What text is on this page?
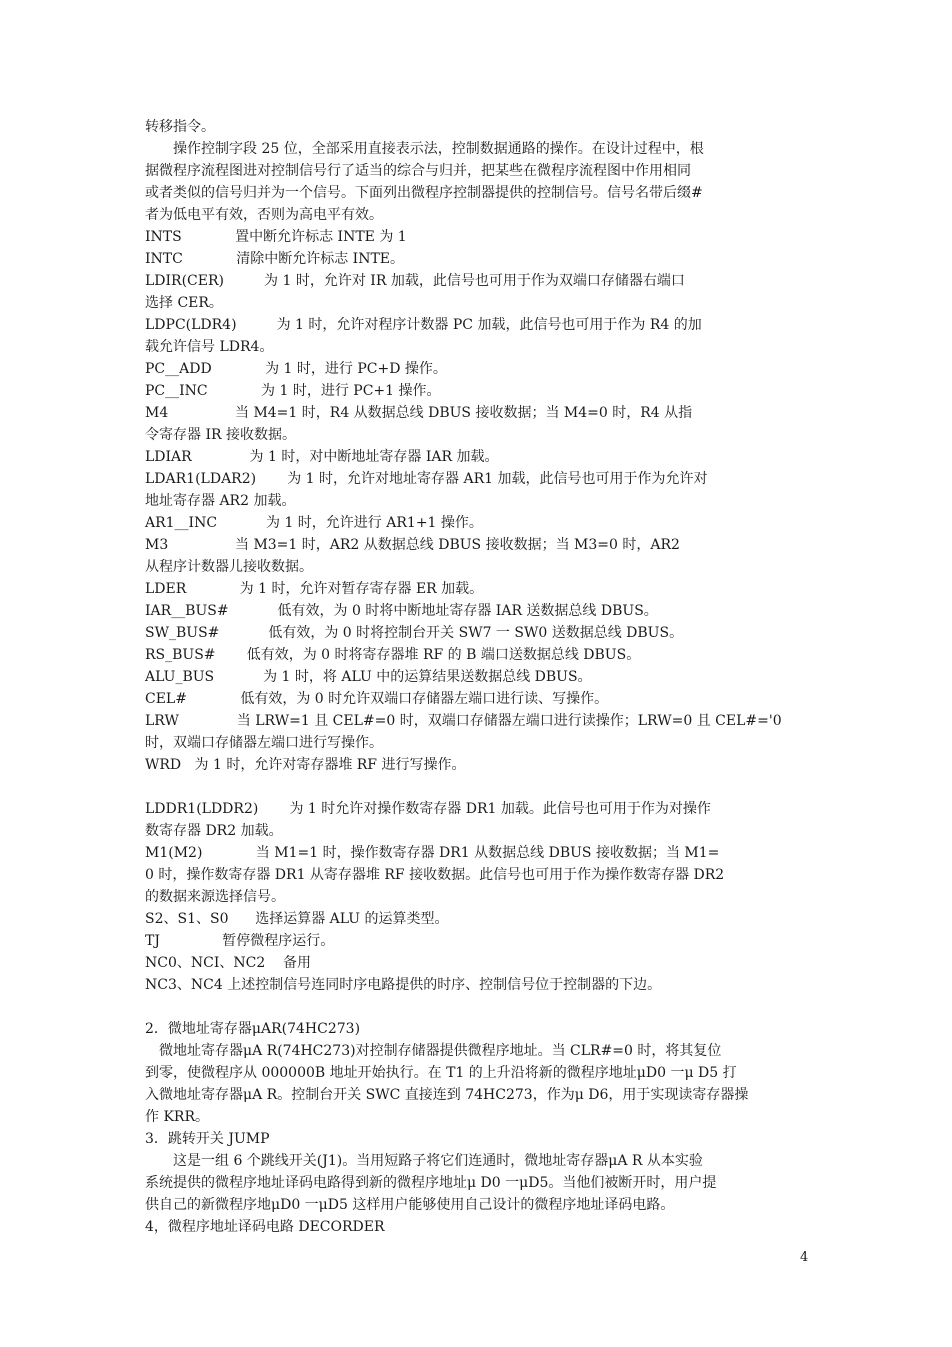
转移指令。
　　操作控制字段 25 位，全部采用直接表示法，控制数据通路的操作。在设计过程中，根
据微程序流程图进对控制信号行了适当的综合与归并，把某些在微程序流程图中作用相同
或者类似的信号归并为一个信号。下面列出微程序控制器提供的控制信号。信号名带后缀#
者为低电平有效，否则为高电平有效。
INTS            置中断允许标志 INTE 为 1
INTC            清除中断允许标志 INTE。
LDIR(CER)         为 1 时，允许对 IR 加载，此信号也可用于作为双端口存储器右端口
选择 CER。
LDPC(LDR4)         为 1 时，允许对程序计数器 PC 加载，此信号也可用于作为 R4 的加
载允许信号 LDR4。
PC__ADD            为 1 时，进行 PC+D 操作。
PC__INC            为 1 时，进行 PC+1 操作。
M4               当 M4=1 时，R4 从数据总线 DBUS 接收数据；当 M4=0 时，R4 从指
令寄存器 IR 接收数据。
LDIAR             为 1 时，对中断地址寄存器 IAR 加载。
LDAR1(LDAR2)       为 1 时，允许对地址寄存器 AR1 加载，此信号也可用于作为允许对
地址寄存器 AR2 加载。
AR1__INC           为 1 时，允许进行 AR1+1 操作。
M3               当 M3=1 时，AR2 从数据总线 DBUS 接收数据；当 M3=0 时，AR2
从程序计数器儿接收数据。
LDER            为 1 时，允许对暂存寄存器 ER 加载。
IAR__BUS#           低有效，为 0 时将中断地址寄存器 IAR 送数据总线 DBUS。
SW_BUS#           低有效，为 0 时将控制台开关 SW7 一 SW0 送数据总线 DBUS。
RS_BUS#       低有效，为 0 时将寄存器堆 RF 的 B 端口送数据总线 DBUS。
ALU_BUS           为 1 时，将 ALU 中的运算结果送数据总线 DBUS。
CEL#            低有效，为 0 时允许双端口存储器左端口进行读、写操作。
LRW             当 LRW=1 且 CEL#=0 时，双端口存储器左端口进行读操作；LRW=0 且 CEL#='0
时，双端口存储器左端口进行写操作。
WRD   为 1 时，允许对寄存器堆 RF 进行写操作。
LDDR1(LDDR2)       为 1 时允许对操作数寄存器 DR1 加载。此信号也可用于作为对操作
数寄存器 DR2 加载。
M1(M2)            当 M1=1 时，操作数寄存器 DR1 从数据总线 DBUS 接收数据；当 M1=
0 时，操作数寄存器 DR1 从寄存器堆 RF 接收数据。此信号也可用于作为操作数寄存器 DR2
的数据来源选择信号。
S2、S1、S0      选择运算器 ALU 的运算类型。
TJ              暂停微程序运行。
NC0、NCI、NC2    备用
NC3、NC4 上述控制信号连同时序电路提供的时序、控制信号位于控制器的下边。
2．微地址寄存器μAR(74HC273)
　微地址寄存器μA R(74HC273)对控制存储器提供微程序地址。当 CLR#=0 时，将其复位
到零，使微程序从 000000B 地址开始执行。在 T1 的上升沿将新的微程序地址μD0 一μ D5 打
入微地址寄存器μA R。控制台开关 SWC 直接连到 74HC273，作为μ D6，用于实现读寄存器操
作 KRR。
3．跳转开关 JUMP
　　这是一组 6 个跳线开关(J1)。当用短路子将它们连通时，微地址寄存器μA R 从本实验
系统提供的微程序地址译码电路得到新的微程序地址μ D0 一μD5。当他们被断开时，用户提
供自己的新微程序地μD0 一μD5 这样用户能够使用自己设计的微程序地址译码电路。
4，微程序地址译码电路 DECORDER
4
